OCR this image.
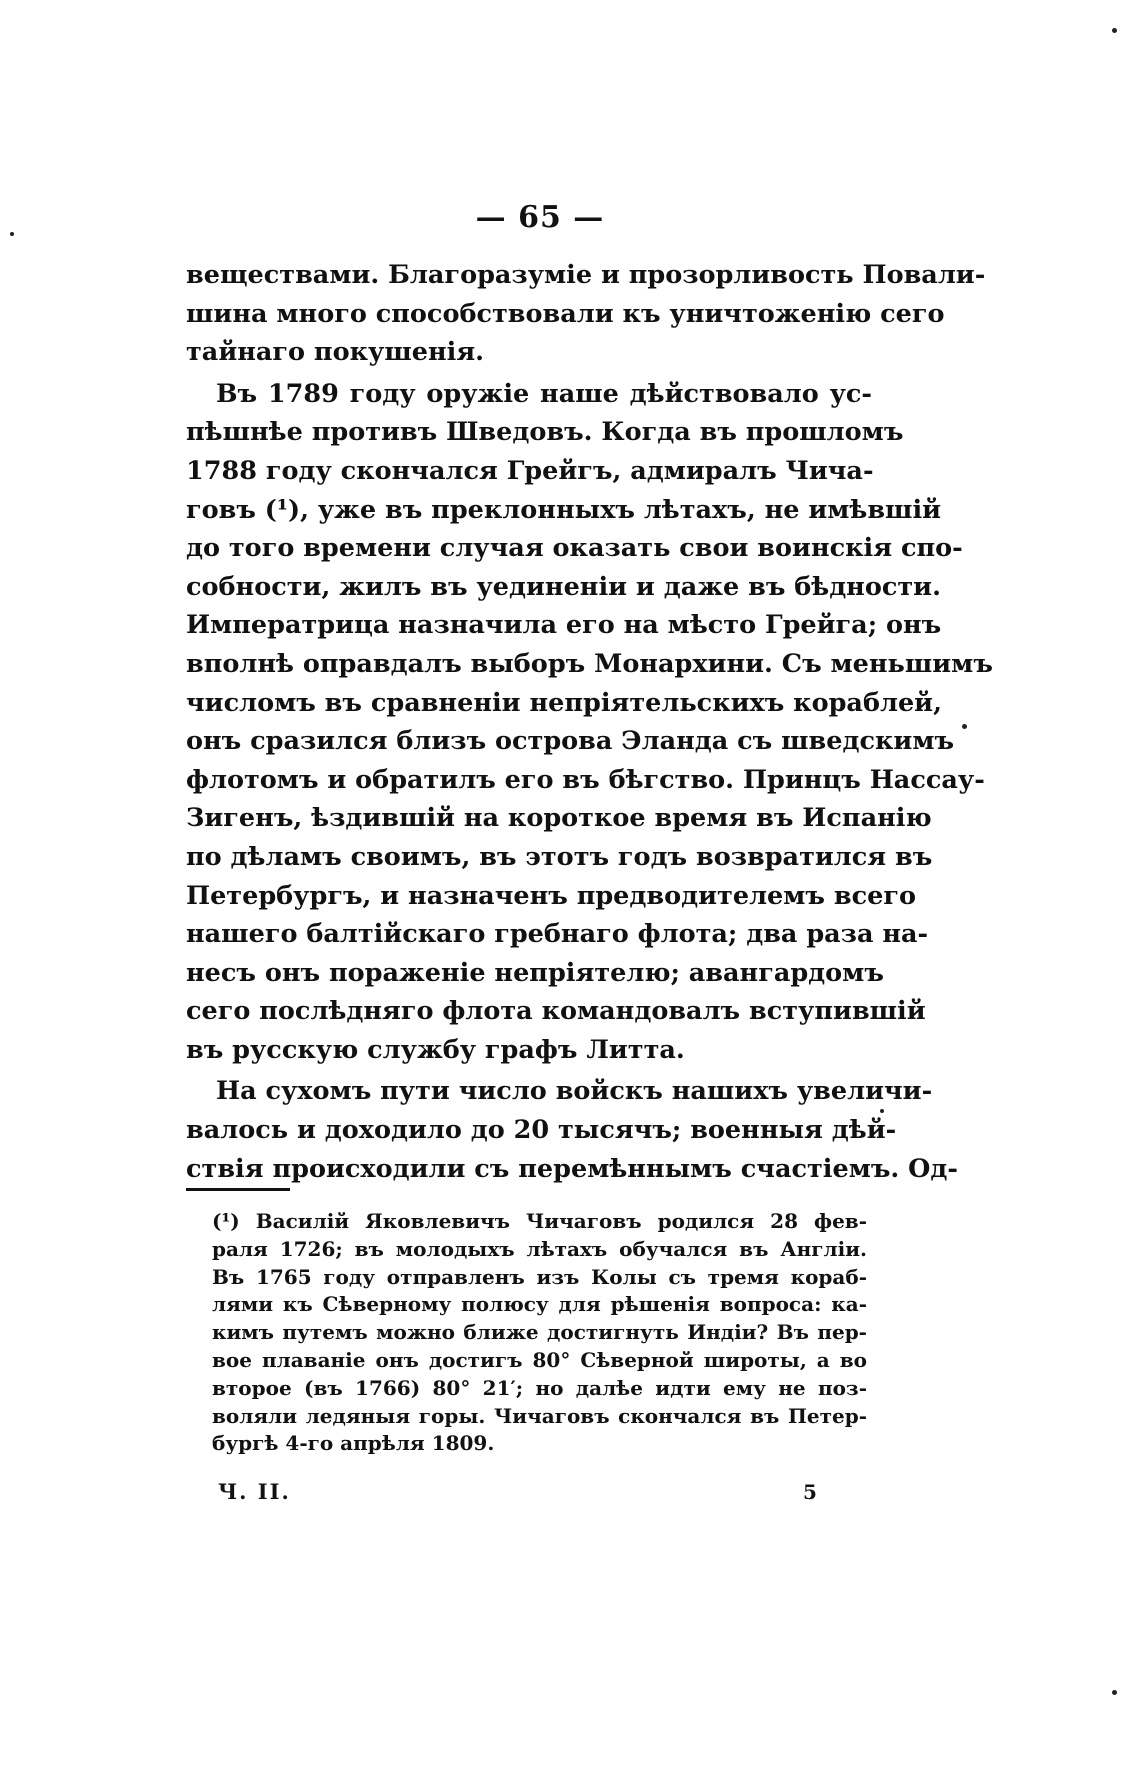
— 65 —
веществами. Благоразуміе и прозорливость Повали-
шина много способствовали къ уничтоженію сего
тайнаго покушенія.
Въ 1789 году оружіе наше дѣйствовало ус-
пѣшнѣе противъ Шведовъ. Когда въ прошломъ
1788 году скончался Грейгъ, адмиралъ Чича-
говъ (¹), уже въ преклонныхъ лѣтахъ, не имѣвшій
до того времени случая оказать свои воинскія спо-
собности, жилъ въ уединеніи и даже въ бѣдности.
Императрица назначила его на мѣсто Грейга; онъ
вполнѣ оправдалъ выборъ Монархини. Съ меньшимъ
числомъ въ сравненіи непріятельскихъ кораблей,
онъ сразился близъ острова Эланда съ шведскимъ
флотомъ и обратилъ его въ бѣгство. Принцъ Нассау-
Зигенъ, ѣздившій на короткое время въ Испанію
по дѣламъ своимъ, въ этотъ годъ возвратился въ
Петербургъ, и назначенъ предводителемъ всего
нашего балтійскаго гребнаго флота; два раза на-
несъ онъ пораженіе непріятелю; авангардомъ
сего послѣдняго флота командовалъ вступившій
въ русскую службу графъ Литта.
На сухомъ пути число войскъ нашихъ увеличи-
валось и доходило до 20 тысячъ; военныя дѣй-
ствія происходили съ перемѣннымъ счастіемъ. Од-
(¹) Василій Яковлевичъ Чичаговъ родился 28 фев-
раля 1726; въ молодыхъ лѣтахъ обучался въ Англіи.
Въ 1765 году отправленъ изъ Колы съ тремя кораб-
лями къ Сѣверному полюсу для рѣшенія вопроса: ка-
кимъ путемъ можно ближе достигнуть Индіи? Въ пер-
вое плаваніе онъ достигъ 80° Сѣверной широты, а во
второе (въ 1766) 80° 21′; но далѣе идти ему не поз-
воляли ледяныя горы. Чичаговъ скончался въ Петер-
бургѣ 4-го апрѣля 1809.
Ч. II.	5
